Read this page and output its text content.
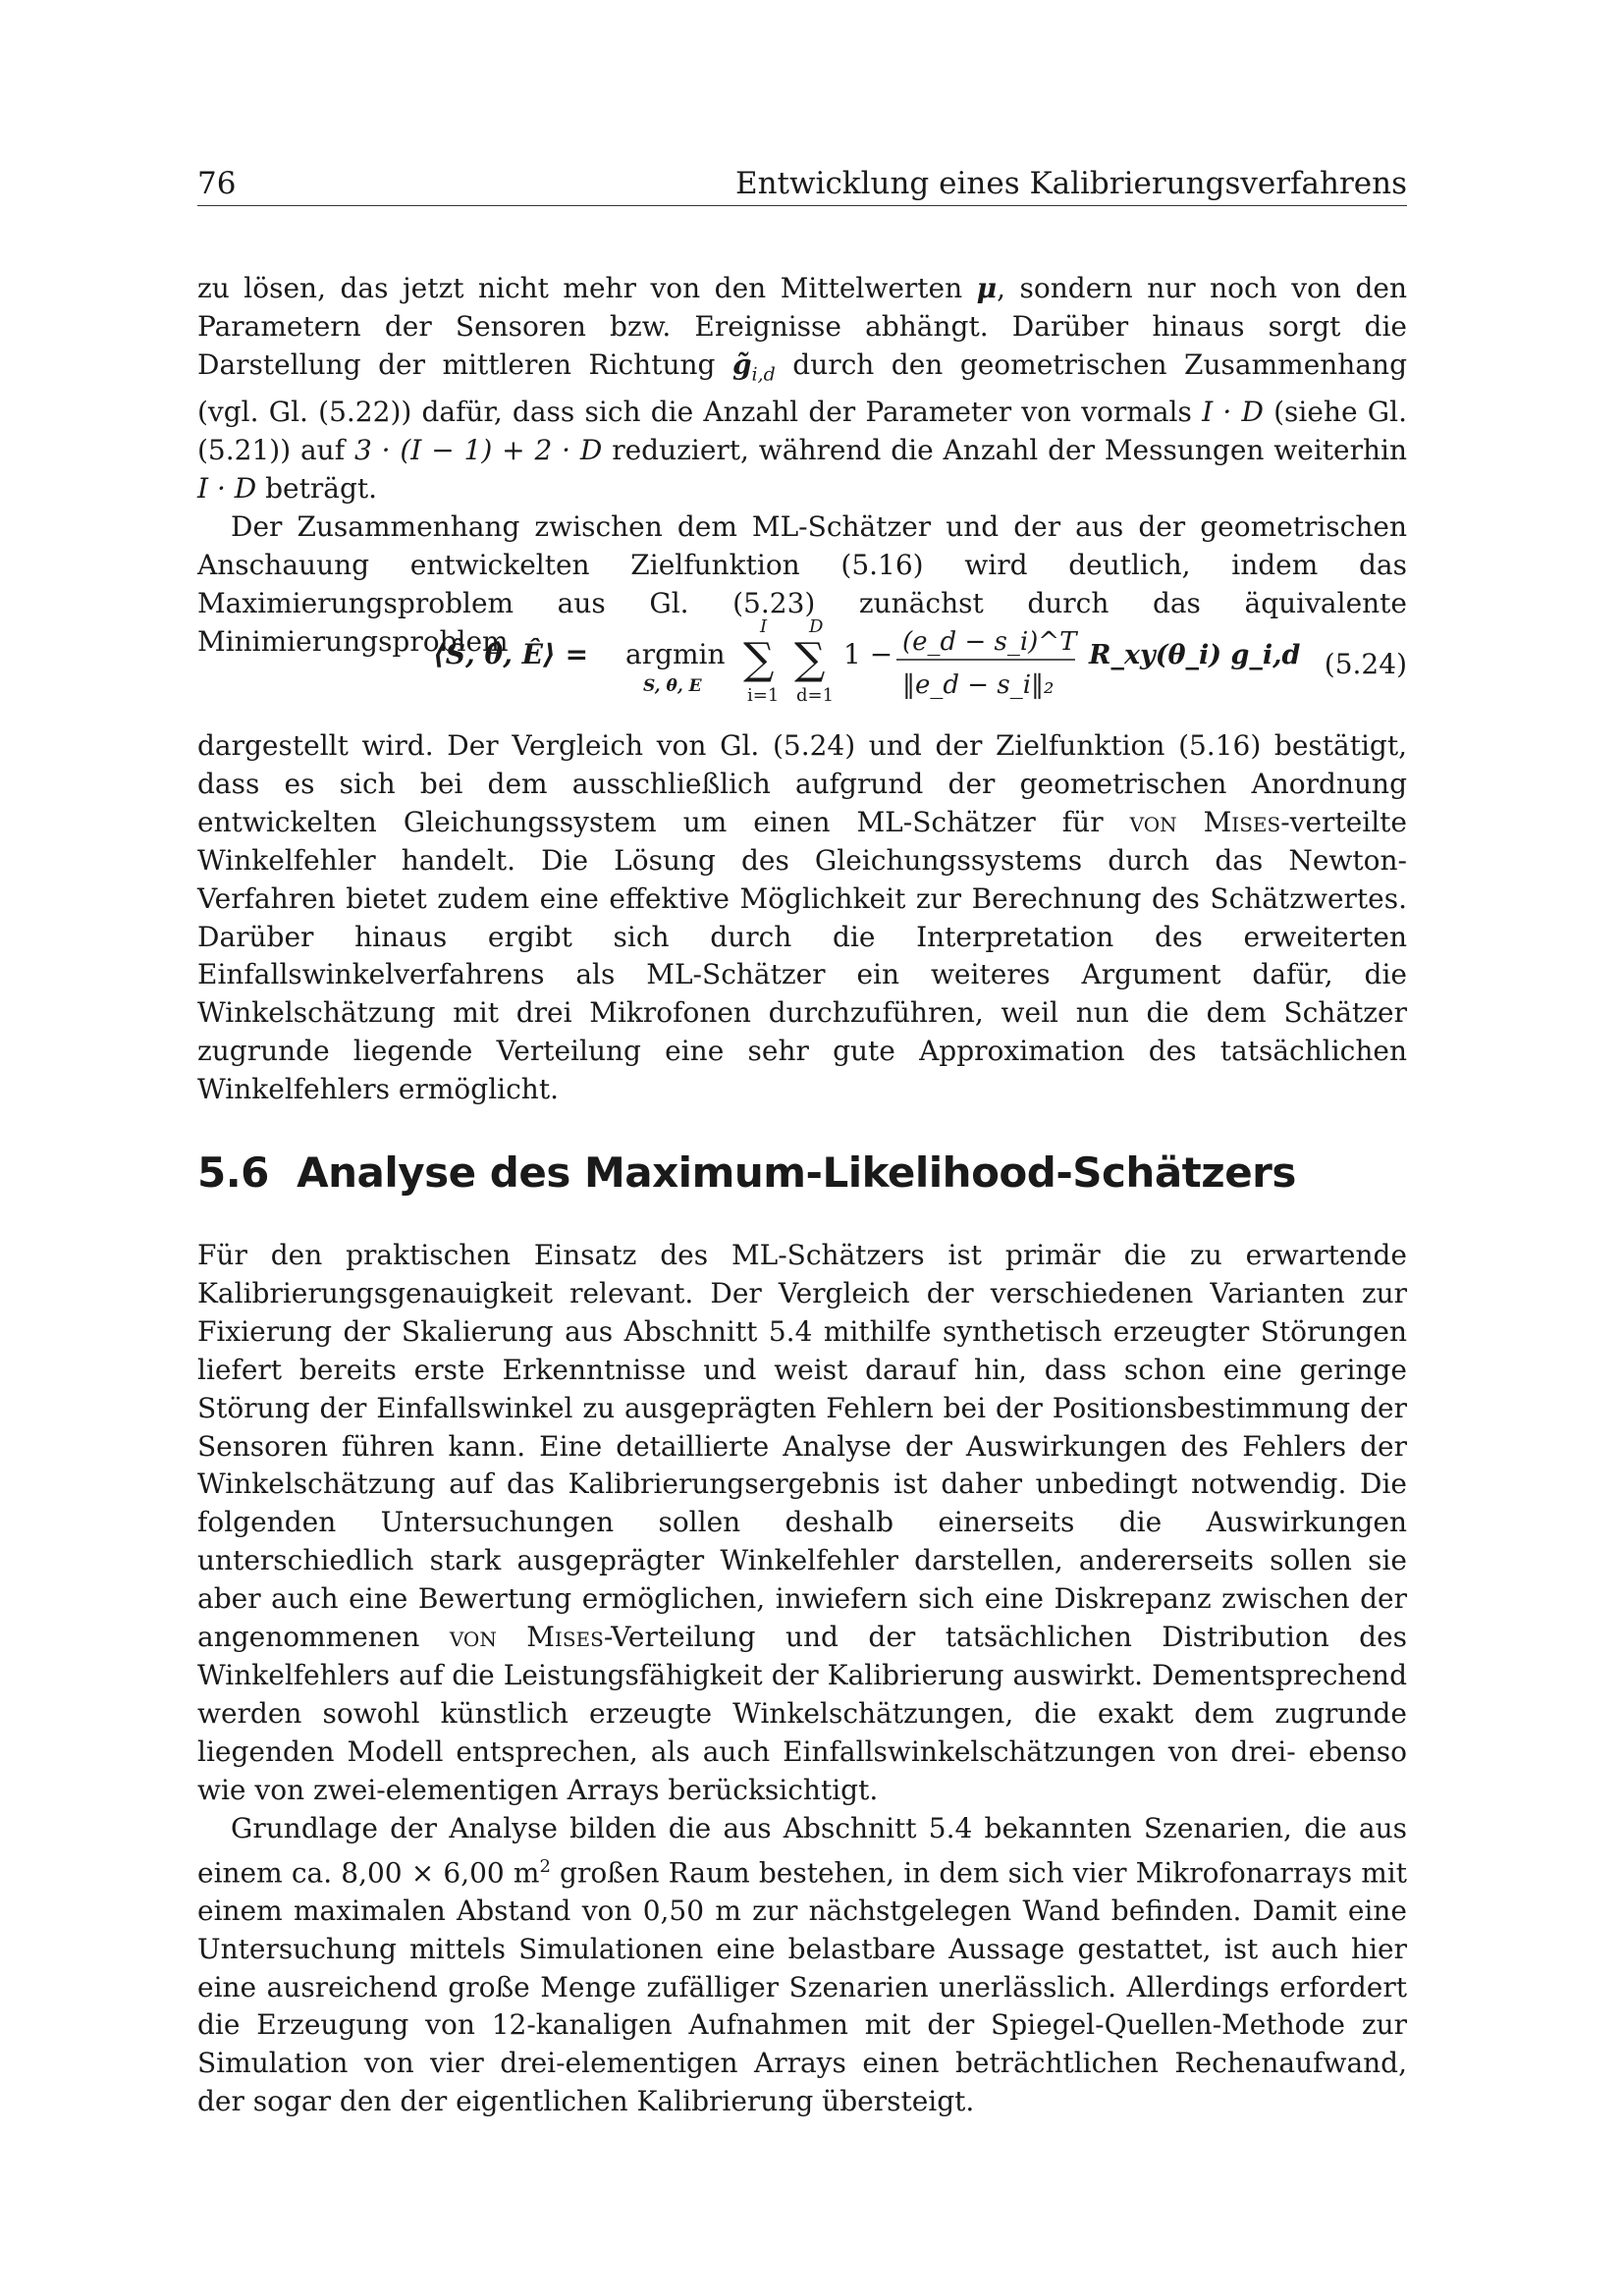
76	Entwicklung eines Kalibrierungsverfahrens

zu lösen, das jetzt nicht mehr von den Mittelwerten μ, sondern nur noch von den Parametern der Sensoren bzw. Ereignisse abhängt. Darüber hinaus sorgt die Darstellung der mittleren Richtung $g̃_{i,d}$ durch den geometrischen Zusammenhang (vgl. Gl. (5.22)) dafür, dass sich die Anzahl der Parameter von vormals I · D (siehe Gl. (5.21)) auf 3 · (I − 1) + 2 · D reduziert, während die Anzahl der Messungen weiterhin I · D beträgt.

Der Zusammenhang zwischen dem ML-Schätzer und der aus der geometrischen Anschauung entwickelten Zielfunktion (5.16) wird deutlich, indem das Maximierungsproblem aus Gl. (5.23) zunächst durch das äquivalente Minimierungsproblem

⟨Ŝ, θ̂, Ê⟩ = argmin
S, θ, E
I
∑
i=1
D
∑
d=1
1 − (e_d − s_i)^T
‖e_d − s_i‖₂
R_xy(θ_i) g_i,d (5.24)

dargestellt wird. Der Vergleich von Gl. (5.24) und der Zielfunktion (5.16) bestätigt, dass es sich bei dem ausschließlich aufgrund der geometrischen Anordnung entwickelten Gleichungssystem um einen ML-Schätzer für von Mises-verteilte Winkelfehler handelt. Die Lösung des Gleichungssystems durch das Newton-Verfahren bietet zudem eine effektive Möglichkeit zur Berechnung des Schätzwertes. Darüber hinaus ergibt sich durch die Interpretation des erweiterten Einfallswinkelverfahrens als ML-Schätzer ein weiteres Argument dafür, die Winkelschätzung mit drei Mikrofonen durchzuführen, weil nun die dem Schätzer zugrunde liegende Verteilung eine sehr gute Approximation des tatsächlichen Winkelfehlers ermöglicht.

5.6 Analyse des Maximum-Likelihood-Schätzers

Für den praktischen Einsatz des ML-Schätzers ist primär die zu erwartende Kalibrierungsgenauigkeit relevant. Der Vergleich der verschiedenen Varianten zur Fixierung der Skalierung aus Abschnitt 5.4 mithilfe synthetisch erzeugter Störungen liefert bereits erste Erkenntnisse und weist darauf hin, dass schon eine geringe Störung der Einfallswinkel zu ausgeprägten Fehlern bei der Positionsbestimmung der Sensoren führen kann. Eine detaillierte Analyse der Auswirkungen des Fehlers der Winkelschätzung auf das Kalibrierungsergebnis ist daher unbedingt notwendig. Die folgenden Untersuchungen sollen deshalb einerseits die Auswirkungen unterschiedlich stark ausgeprägter Winkelfehler darstellen, andererseits sollen sie aber auch eine Bewertung ermöglichen, inwiefern sich eine Diskrepanz zwischen der angenommenen von Mises-Verteilung und der tatsächlichen Distribution des Winkelfehlers auf die Leistungsfähigkeit der Kalibrierung auswirkt. Dementsprechend werden sowohl künstlich erzeugte Winkelschätzungen, die exakt dem zugrunde liegenden Modell entsprechen, als auch Einfallswinkelschätzungen von drei- ebenso wie von zwei-elementigen Arrays berücksichtigt.

Grundlage der Analyse bilden die aus Abschnitt 5.4 bekannten Szenarien, die aus einem ca. 8,00 × 6,00 $m^2$ großen Raum bestehen, in dem sich vier Mikrofonarrays mit einem maximalen Abstand von 0,50 m zur nächstgelegen Wand befinden. Damit eine Untersuchung mittels Simulationen eine belastbare Aussage gestattet, ist auch hier eine ausreichend große Menge zufälliger Szenarien unerlässlich. Allerdings erfordert die Erzeugung von 12-kanaligen Aufnahmen mit der Spiegel-Quellen-Methode zur Simulation von vier drei-elementigen Arrays einen beträchtlichen Rechenaufwand, der sogar den der eigentlichen Kalibrierung übersteigt.
